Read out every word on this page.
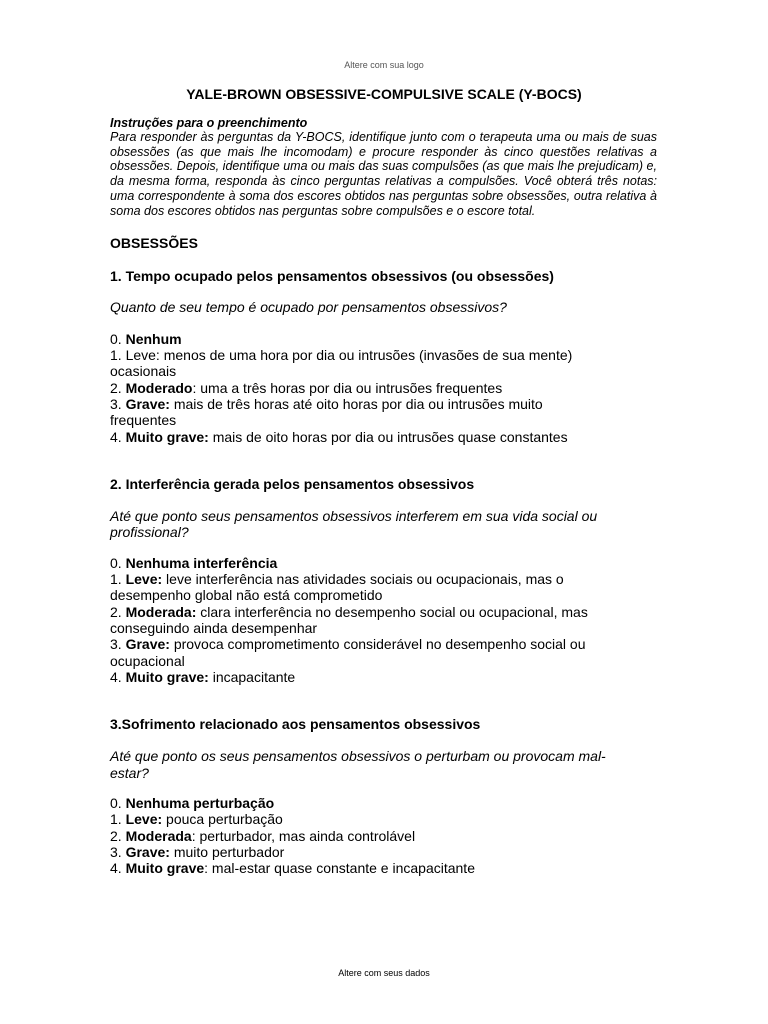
Altere com sua logo
YALE-BROWN OBSESSIVE-COMPULSIVE SCALE (Y-BOCS)

Instruções para o preenchimento

Para responder às perguntas da Y-BOCS, identifique junto com o terapeuta uma ou mais de suas obsessões (as que mais lhe incomodam) e procure responder às cinco questões relativas a obsessões. Depois, identifique uma ou mais das suas compulsões (as que mais lhe prejudicam) e, da mesma forma, responda às cinco perguntas relativas a compulsões. Você obterá três notas: uma correspondente à soma dos escores obtidos nas perguntas sobre obsessões, outra relativa à soma dos escores obtidos nas perguntas sobre compulsões e o escore total.

OBSESSÕES

1. Tempo ocupado pelos pensamentos obsessivos (ou obsessões)

Quanto de seu tempo é ocupado por pensamentos obsessivos?

0. Nenhum
1. Leve: menos de uma hora por dia ou intrusões (invasões de sua mente) ocasionais
2. Moderado: uma a três horas por dia ou intrusões frequentes
3. Grave: mais de três horas até oito horas por dia ou intrusões muito frequentes
4. Muito grave: mais de oito horas por dia ou intrusões quase constantes

2. Interferência gerada pelos pensamentos obsessivos

Até que ponto seus pensamentos obsessivos interferem em sua vida social ou profissional?

0. Nenhuma interferência
1. Leve: leve interferência nas atividades sociais ou ocupacionais, mas o desempenho global não está comprometido
2. Moderada: clara interferência no desempenho social ou ocupacional, mas conseguindo ainda desempenhar
3. Grave: provoca comprometimento considerável no desempenho social ou ocupacional
4. Muito grave: incapacitante

3.Sofrimento relacionado aos pensamentos obsessivos

Até que ponto os seus pensamentos obsessivos o perturbam ou provocam mal-estar?

0. Nenhuma perturbação
1. Leve: pouca perturbação
2. Moderada: perturbador, mas ainda controlável
3. Grave: muito perturbador
4. Muito grave: mal-estar quase constante e incapacitante
Altere com seus dados
